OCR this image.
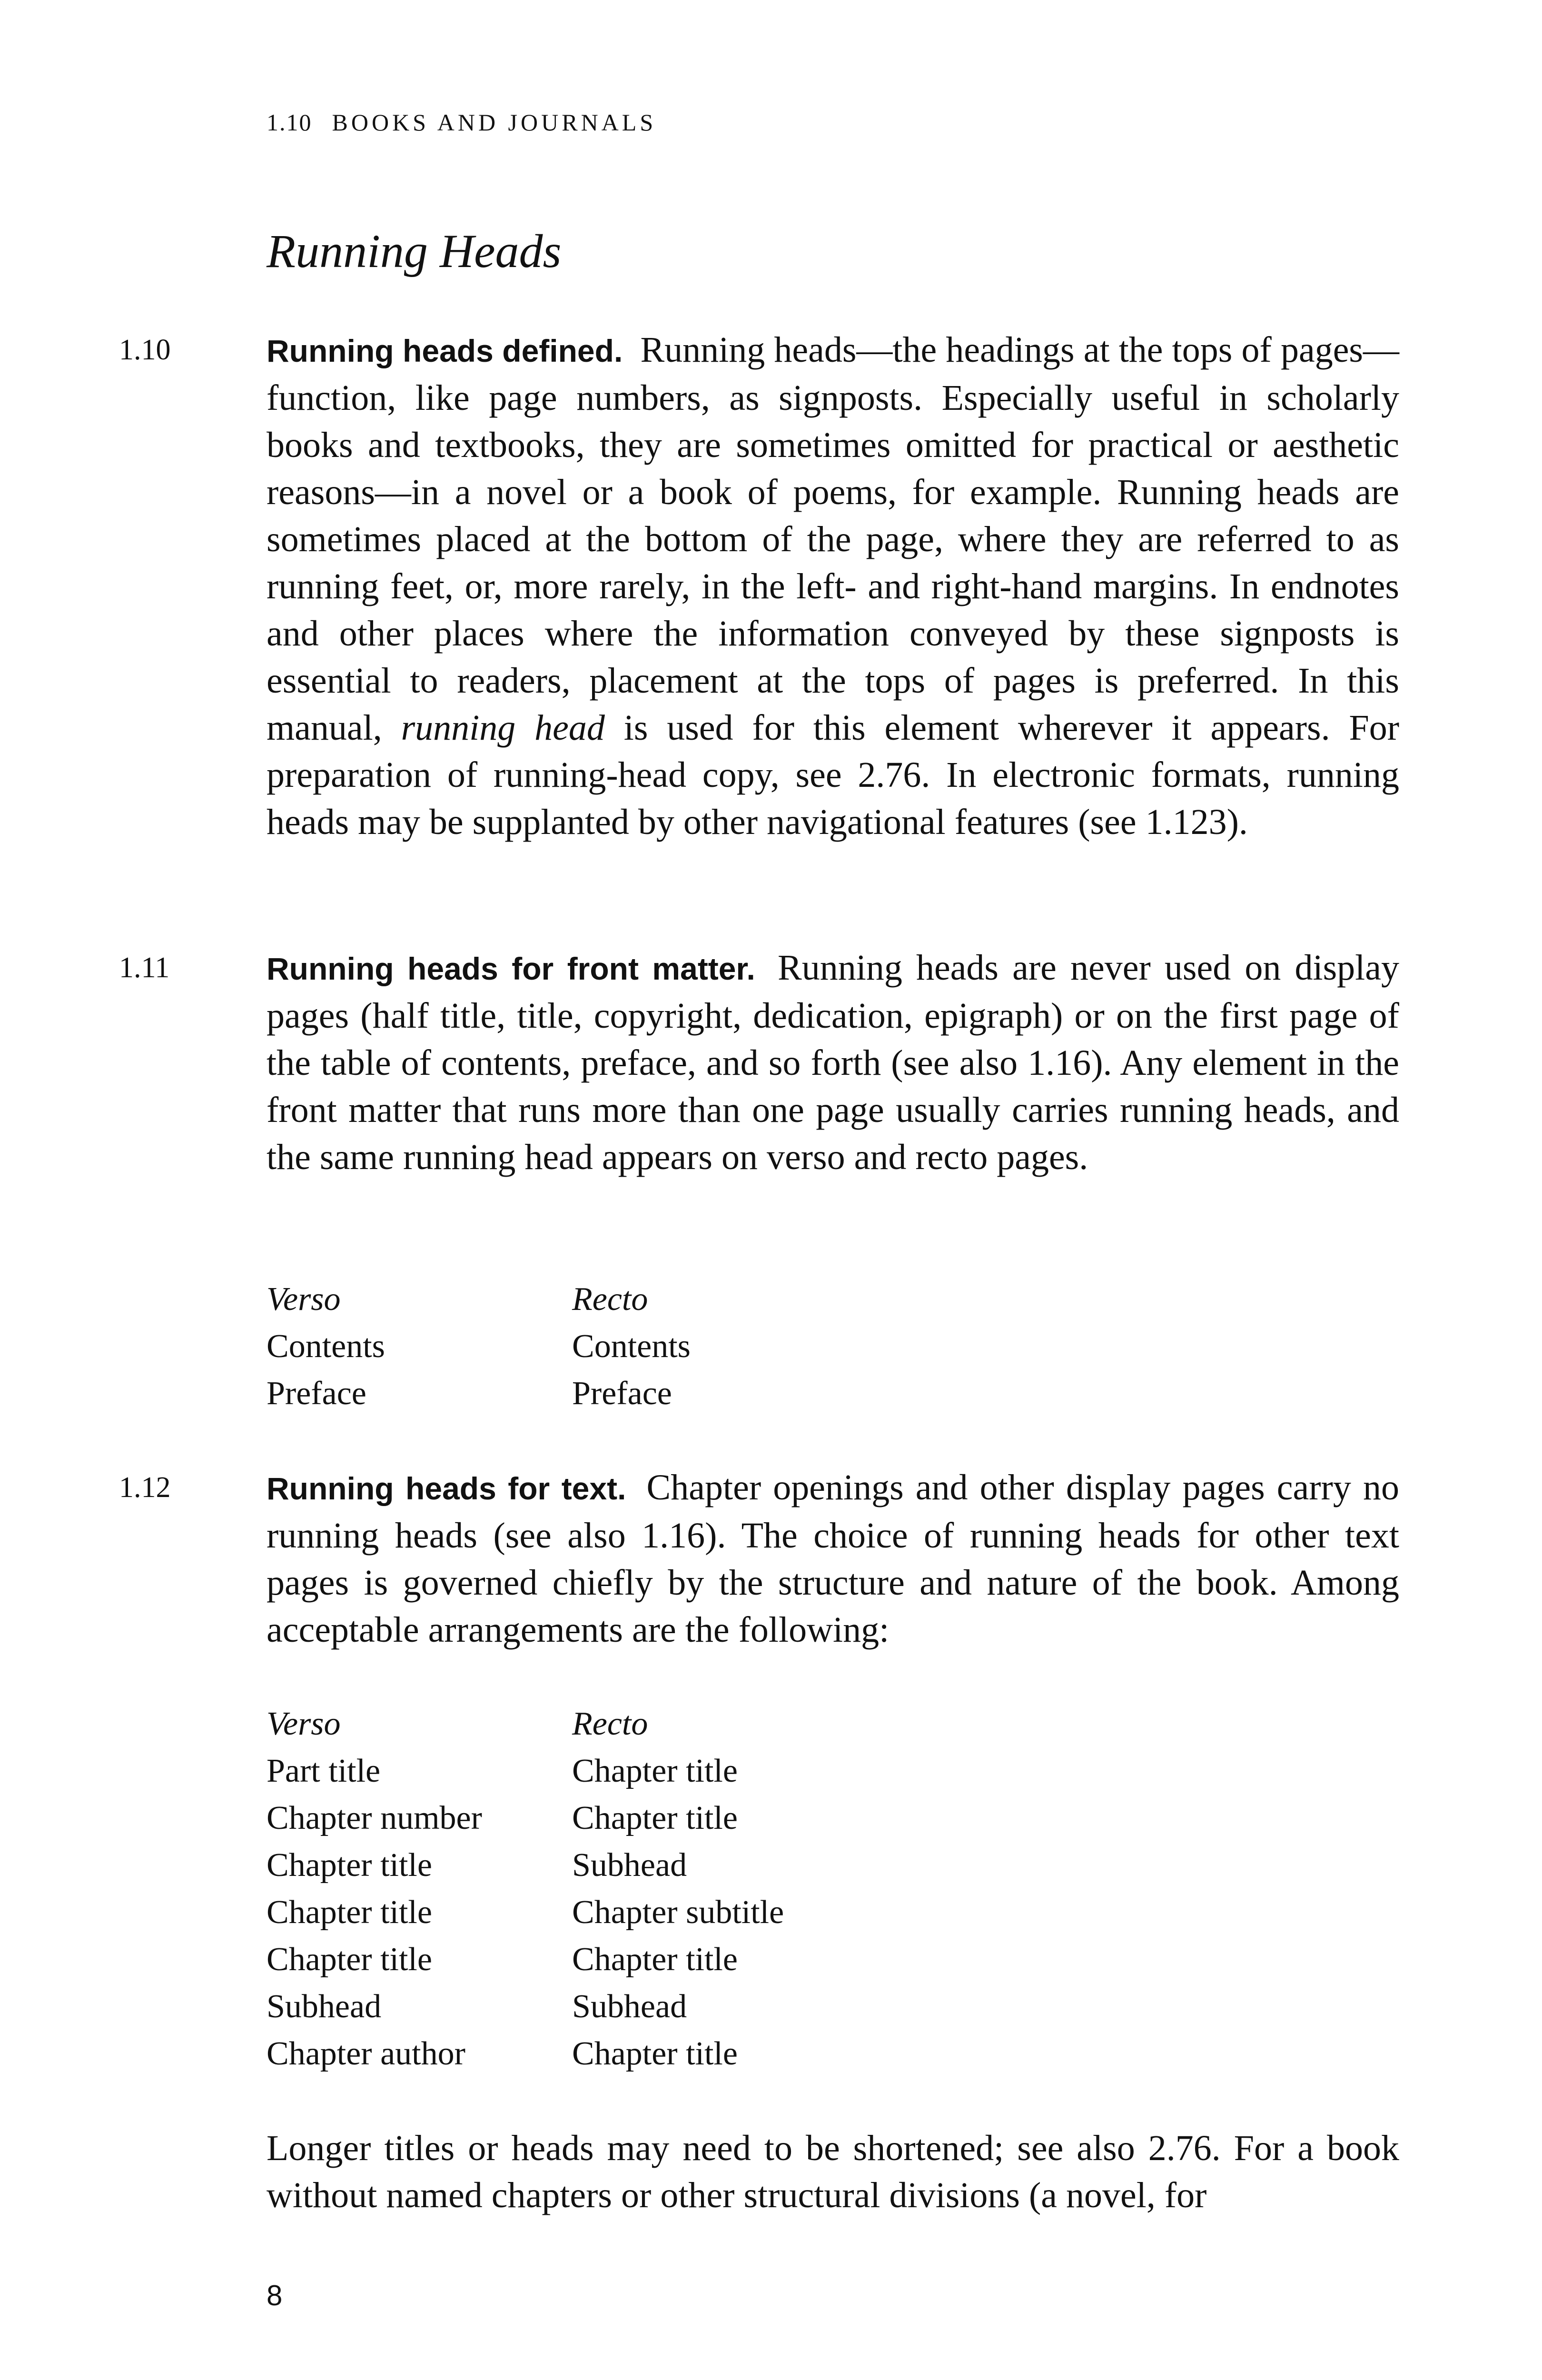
1.10 BOOKS AND JOURNALS
Running Heads
1.10	Running heads defined. Running heads—the headings at the tops of pages—function, like page numbers, as signposts. Especially useful in scholarly books and textbooks, they are sometimes omitted for practical or aesthetic reasons—in a novel or a book of poems, for example. Running heads are sometimes placed at the bottom of the page, where they are referred to as running feet, or, more rarely, in the left- and right-hand margins. In endnotes and other places where the information conveyed by these signposts is essential to readers, placement at the tops of pages is preferred. In this manual, running head is used for this element wherever it appears. For preparation of running-head copy, see 2.76. In electronic formats, running heads may be supplanted by other navigational features (see 1.123).

1.11	Running heads for front matter. Running heads are never used on display pages (half title, title, copyright, dedication, epigraph) or on the first page of the table of contents, preface, and so forth (see also 1.16). Any element in the front matter that runs more than one page usually carries running heads, and the same running head appears on verso and recto pages.

Verso	Recto
Contents	Contents
Preface	Preface
1.12	Running heads for text. Chapter openings and other display pages carry no running heads (see also 1.16). The choice of running heads for other text pages is governed chiefly by the structure and nature of the book. Among acceptable arrangements are the following:

Verso	Recto
Part title	Chapter title
Chapter number	Chapter title
Chapter title	Subhead
Chapter title	Chapter subtitle
Chapter title	Chapter title
Subhead	Subhead
Chapter author	Chapter title

Longer titles or heads may need to be shortened; see also 2.76. For a book without named chapters or other structural divisions (a novel, for

8
